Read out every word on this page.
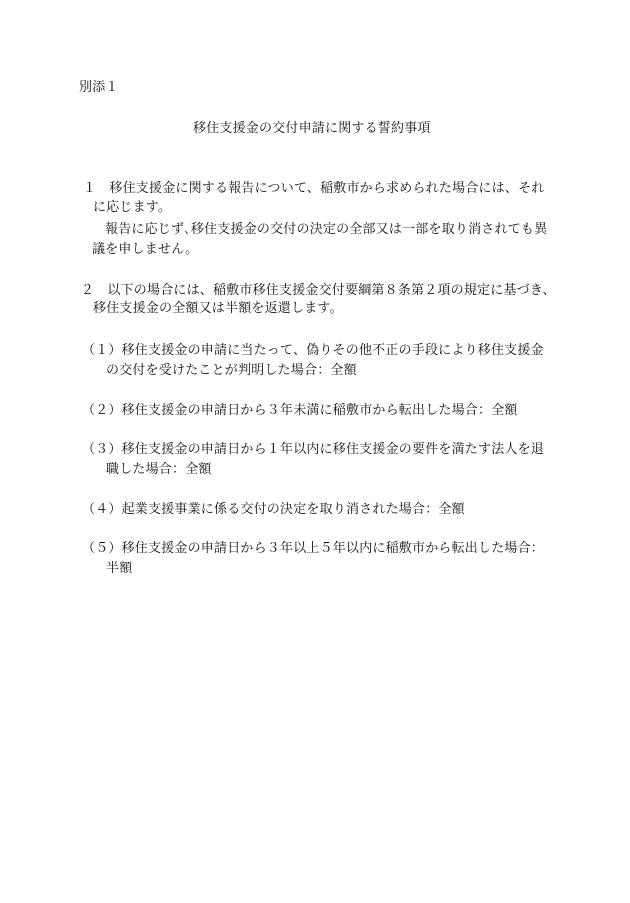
別添１
移住支援金の交付申請に関する誓約事項
１　移住支援金に関する報告について、稲敷市から求められた場合には、それ
に応じます。
報告に応じず､移住支援金の交付の決定の全部又は一部を取り消されても異
議を申しません。
２　以下の場合には、稲敷市移住支援金交付要綱第８条第２項の規定に基づき、
移住支援金の全額又は半額を返還します。
（１）移住支援金の申請に当たって、偽りその他不正の手段により移住支援金
の交付を受けたことが判明した場合：全額
（２）移住支援金の申請日から３年未満に稲敷市から転出した場合：全額
（３）移住支援金の申請日から１年以内に移住支援金の要件を満たす法人を退
職した場合：全額
（４）起業支援事業に係る交付の決定を取り消された場合：全額
（５）移住支援金の申請日から３年以上５年以内に稲敷市から転出した場合：
半額
